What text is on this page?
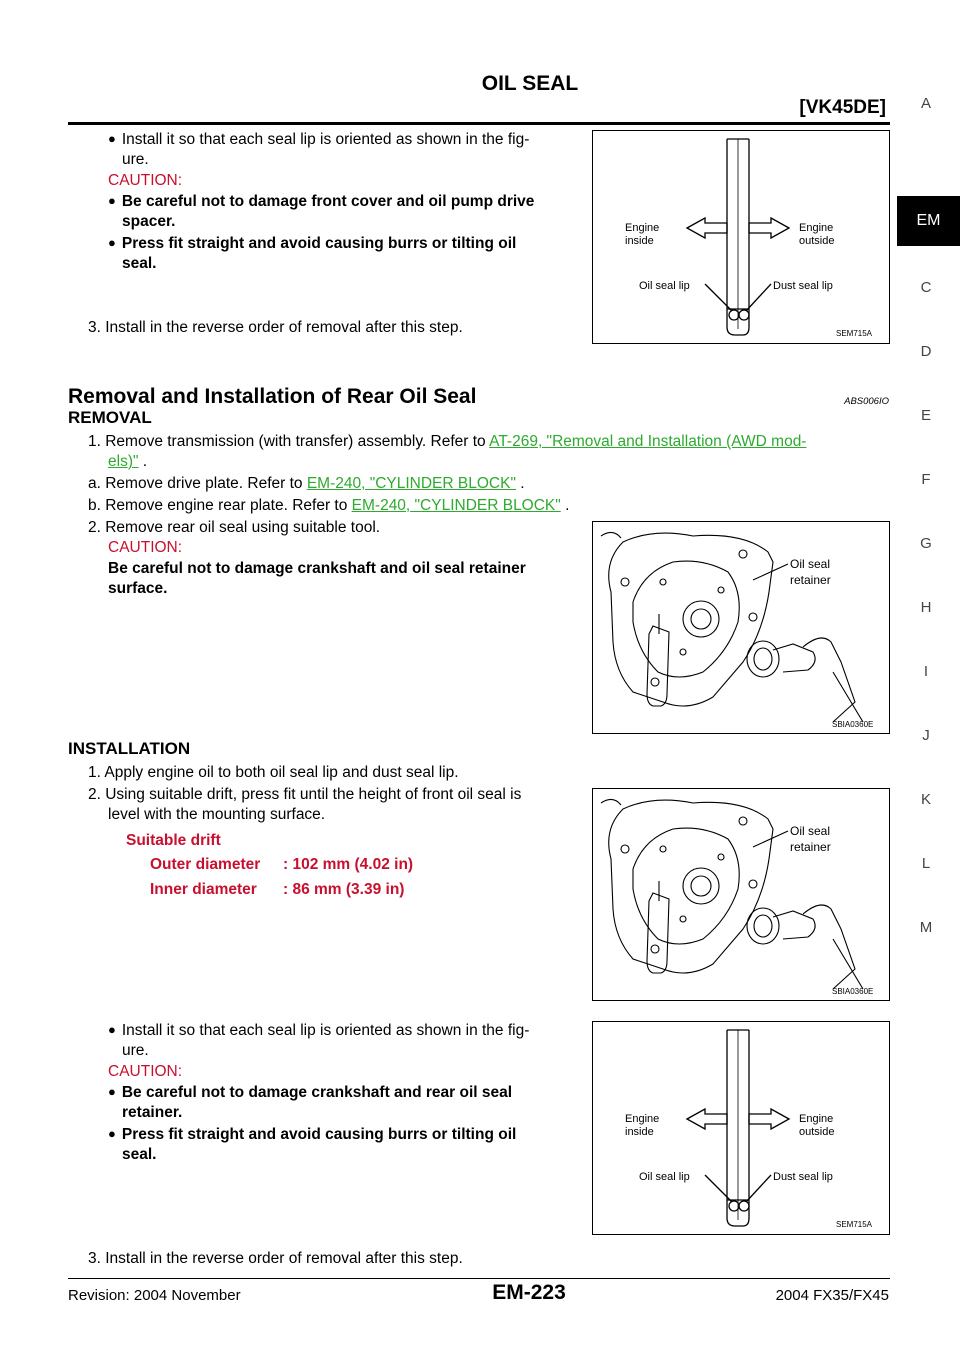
OIL SEAL
[VK45DE]	A
EM
C
D
E
F
G
H
I
J
K
L
M
● Install it so that each seal lip is oriented as shown in the fig-
ure.
CAUTION:
● Be careful not to damage front cover and oil pump drive
spacer.
● Press fit straight and avoid causing burrs or tilting oil
seal.
3. Install in the reverse order of removal after this step.
Engine
inside
Engine
outside
Oil seal lip	Dust seal lip
SEM715A
Removal and Installation of Rear Oil Seal	ABS006IO
REMOVAL
1. Remove transmission (with transfer) assembly. Refer to AT-269, "Removal and Installation (AWD mod-
els)" .
a. Remove drive plate. Refer to EM-240, "CYLINDER BLOCK" .
b. Remove engine rear plate. Refer to EM-240, "CYLINDER BLOCK" .
2. Remove rear oil seal using suitable tool.
CAUTION:
Be careful not to damage crankshaft and oil seal retainer
surface.
Oil seal
retainer
SBIA0360E
INSTALLATION
1. Apply engine oil to both oil seal lip and dust seal lip.
2. Using suitable drift, press fit until the height of front oil seal is
level with the mounting surface.
Suitable drift
Outer diameter : 102 mm (4.02 in)
Inner diameter : 86 mm (3.39 in)
Oil seal
retainer
SBIA0360E
● Install it so that each seal lip is oriented as shown in the fig-
ure.
CAUTION:
● Be careful not to damage crankshaft and rear oil seal
retainer.
● Press fit straight and avoid causing burrs or tilting oil
seal.
Engine
inside
Engine
outside
Oil seal lip	Dust seal lip
SEM715A
3. Install in the reverse order of removal after this step.
Revision: 2004 November	EM-223	2004 FX35/FX45
